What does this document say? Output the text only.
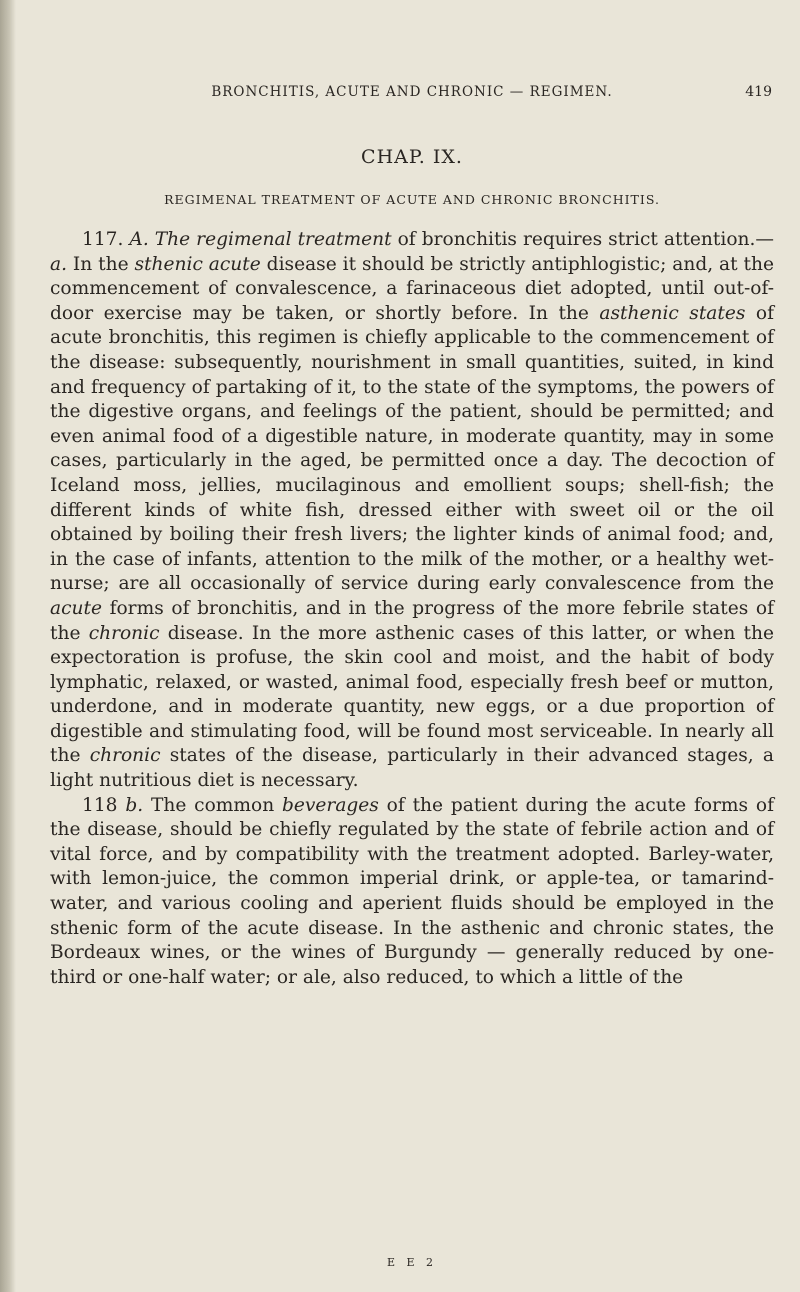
BRONCHITIS, ACUTE AND CHRONIC — REGIMEN.	419
CHAP. IX.
REGIMENAL TREATMENT OF ACUTE AND CHRONIC BRONCHITIS.

117. A. The regimenal treatment of bronchitis requires strict attention.—a. In the sthenic acute disease it should be strictly antiphlogistic; and, at the commencement of convalescence, a farinaceous diet adopted, until out-of-door exercise may be taken, or shortly before. In the asthenic states of acute bronchitis, this regimen is chiefly applicable to the commencement of the disease: subsequently, nourishment in small quantities, suited, in kind and frequency of partaking of it, to the state of the symptoms, the powers of the digestive organs, and feelings of the patient, should be permitted; and even animal food of a digestible nature, in moderate quantity, may in some cases, particularly in the aged, be permitted once a day. The decoction of Iceland moss, jellies, mucilaginous and emollient soups; shell-fish; the different kinds of white fish, dressed either with sweet oil or the oil obtained by boiling their fresh livers; the lighter kinds of animal food; and, in the case of infants, attention to the milk of the mother, or a healthy wet-nurse; are all occasionally of service during early convalescence from the acute forms of bronchitis, and in the progress of the more febrile states of the chronic disease. In the more asthenic cases of this latter, or when the expectoration is profuse, the skin cool and moist, and the habit of body lymphatic, relaxed, or wasted, animal food, especially fresh beef or mutton, underdone, and in moderate quantity, new eggs, or a due proportion of digestible and stimulating food, will be found most serviceable. In nearly all the chronic states of the disease, particularly in their advanced stages, a light nutritious diet is necessary.

118 b. The common beverages of the patient during the acute forms of the disease, should be chiefly regulated by the state of febrile action and of vital force, and by compatibility with the treatment adopted. Barley-water, with lemon-juice, the common imperial drink, or apple-tea, or tamarind-water, and various cooling and aperient fluids should be employed in the sthenic form of the acute disease. In the asthenic and chronic states, the Bordeaux wines, or the wines of Burgundy — generally reduced by one-third or one-half water; or ale, also reduced, to which a little of the

E E 2
